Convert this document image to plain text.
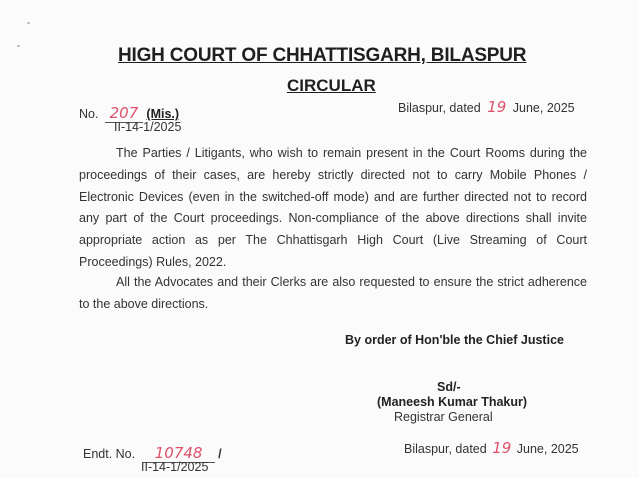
HIGH COURT OF CHHATTISGARH, BILASPUR
CIRCULAR
No. 207 (Mis.)
II-14-1/2025
Bilaspur, dated 19 June, 2025
The Parties / Litigants, who wish to remain present in the Court Rooms during the proceedings of their cases, are hereby strictly directed not to carry Mobile Phones / Electronic Devices (even in the switched-off mode) and are further directed not to record any part of the Court proceedings. Non-compliance of the above directions shall invite appropriate action as per The Chhattisgarh High Court (Live Streaming of Court Proceedings) Rules, 2022.
All the Advocates and their Clerks are also requested to ensure the strict adherence to the above directions.
By order of Hon'ble the Chief Justice
Sd/-
(Maneesh Kumar Thakur)
Registrar General
Endt. No. 10748 /
II-14-1/2025
Bilaspur, dated 19 June, 2025
